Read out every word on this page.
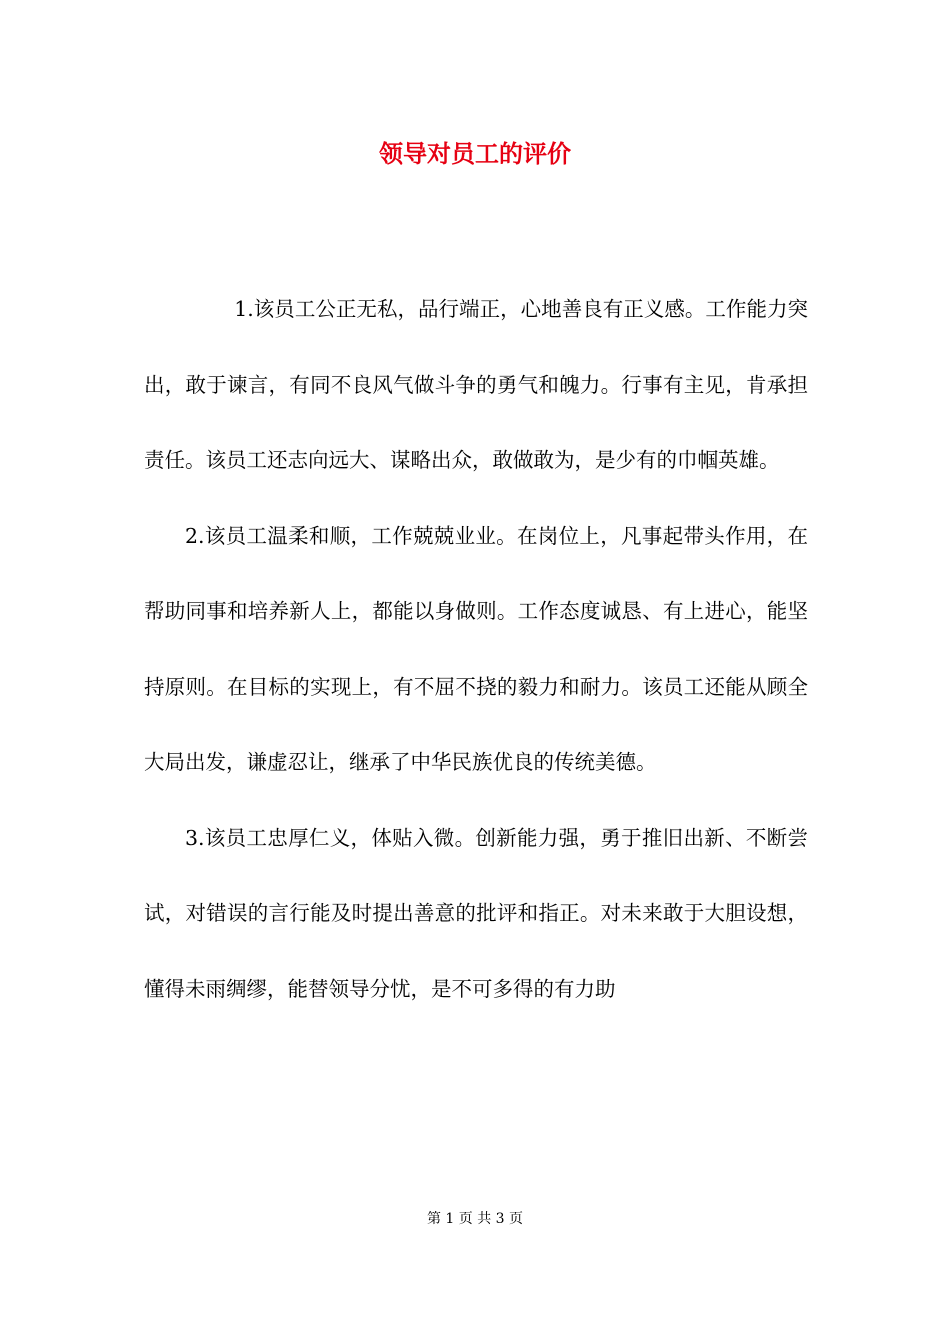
领导对员工的评价

1.该员工公正无私，品行端正，心地善良有正义感。工作能力突出，敢于谏言，有同不良风气做斗争的勇气和魄力。行事有主见，肯承担责任。该员工还志向远大、谋略出众，敢做敢为，是少有的巾帼英雄。

2.该员工温柔和顺，工作兢兢业业。在岗位上，凡事起带头作用，在帮助同事和培养新人上，都能以身做则。工作态度诚恳、有上进心，能坚持原则。在目标的实现上，有不屈不挠的毅力和耐力。该员工还能从顾全大局出发，谦虚忍让，继承了中华民族优良的传统美德。

3.该员工忠厚仁义，体贴入微。创新能力强，勇于推旧出新、不断尝试，对错误的言行能及时提出善意的批评和指正。对未来敢于大胆设想，懂得未雨绸缪，能替领导分忧，是不可多得的有力助

第 1 页 共 3 页
